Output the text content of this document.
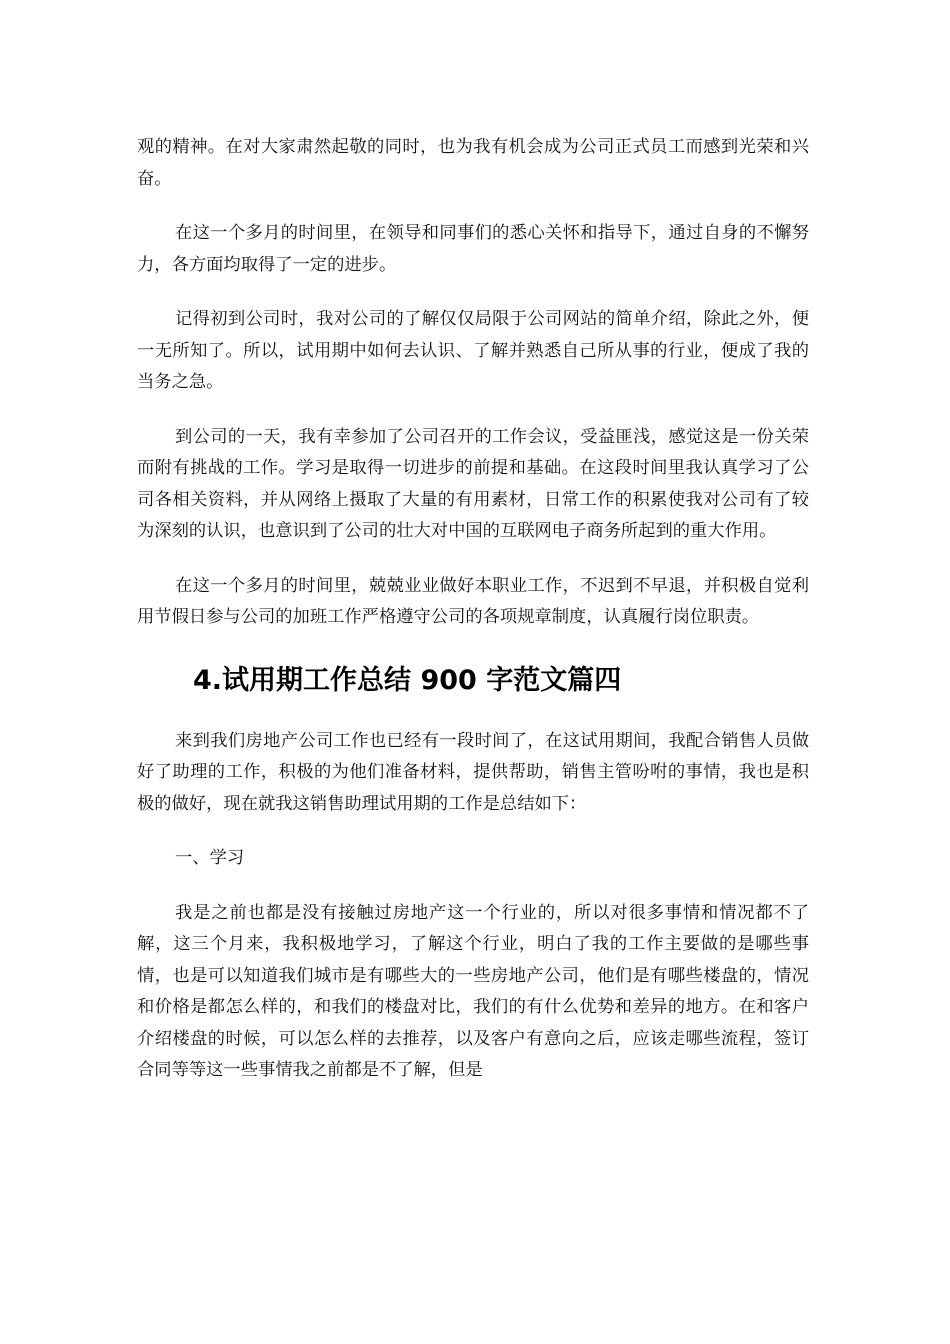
观的精神。在对大家肃然起敬的同时，也为我有机会成为公司正式员工而感到光荣和兴奋。

在这一个多月的时间里，在领导和同事们的悉心关怀和指导下，通过自身的不懈努力，各方面均取得了一定的进步。

记得初到公司时，我对公司的了解仅仅局限于公司网站的简单介绍，除此之外，便一无所知了。所以，试用期中如何去认识、了解并熟悉自己所从事的行业，便成了我的当务之急。

到公司的一天，我有幸参加了公司召开的工作会议，受益匪浅，感觉这是一份关荣而附有挑战的工作。学习是取得一切进步的前提和基础。在这段时间里我认真学习了公司各相关资料，并从网络上摄取了大量的有用素材，日常工作的积累使我对公司有了较为深刻的认识，也意识到了公司的壮大对中国的互联网电子商务所起到的重大作用。

在这一个多月的时间里，兢兢业业做好本职业工作，不迟到不早退，并积极自觉利用节假日参与公司的加班工作严格遵守公司的各项规章制度，认真履行岗位职责。

4.试用期工作总结 900 字范文篇四

来到我们房地产公司工作也已经有一段时间了，在这试用期间，我配合销售人员做好了助理的工作，积极的为他们准备材料，提供帮助，销售主管吩咐的事情，我也是积极的做好，现在就我这销售助理试用期的工作是总结如下：

一、学习

我是之前也都是没有接触过房地产这一个行业的，所以对很多事情和情况都不了解，这三个月来，我积极地学习，了解这个行业，明白了我的工作主要做的是哪些事情，也是可以知道我们城市是有哪些大的一些房地产公司，他们是有哪些楼盘的，情况和价格是都怎么样的，和我们的楼盘对比，我们的有什么优势和差异的地方。在和客户介绍楼盘的时候，可以怎么样的去推荐，以及客户有意向之后，应该走哪些流程，签订合同等等这一些事情我之前都是不了解，但是
